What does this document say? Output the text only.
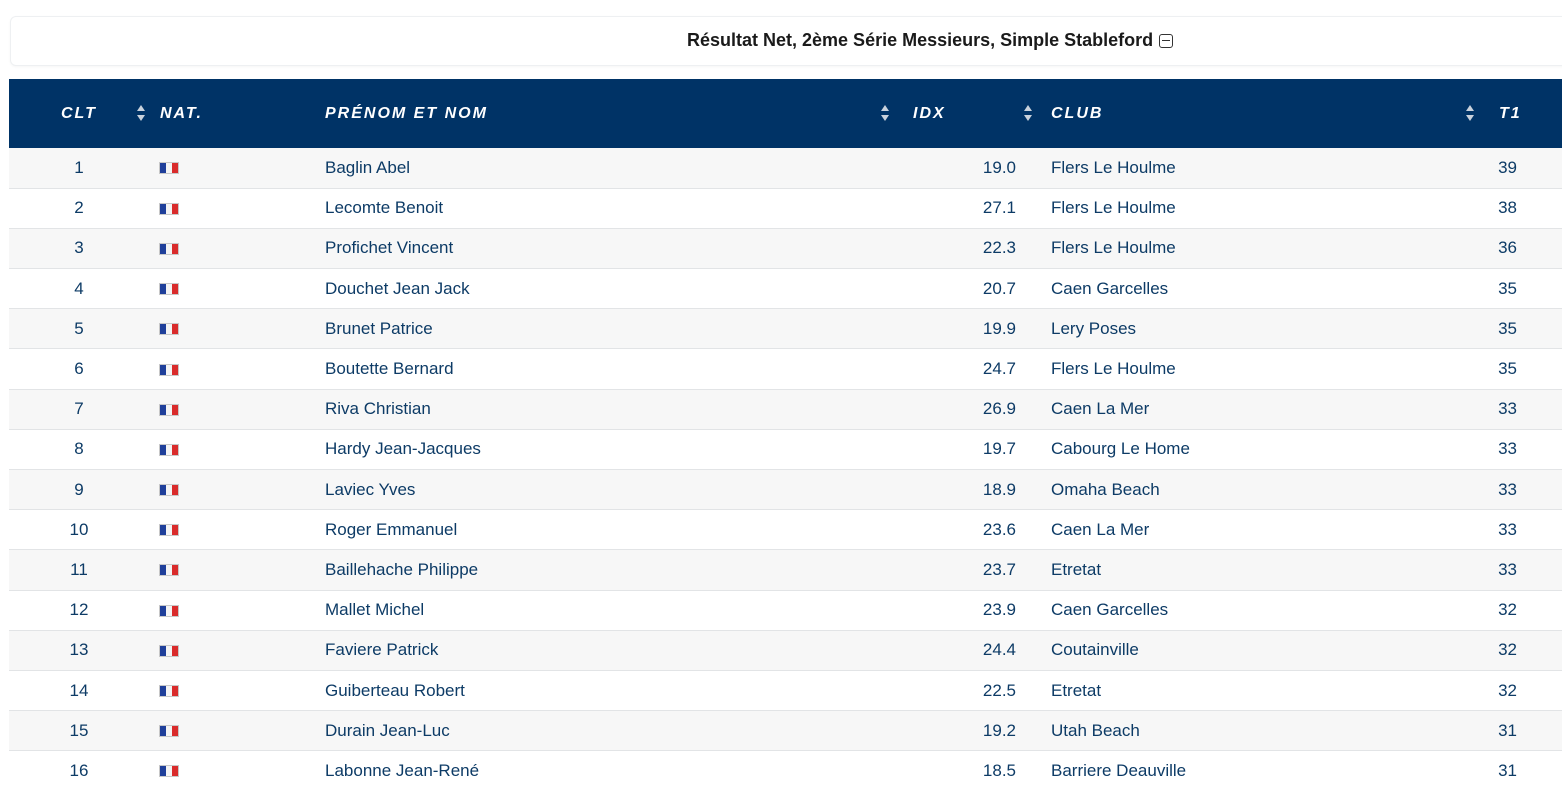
Résultat Net, 2ème Série Messieurs, Simple Stableford
CLT	NAT.	PRÉNOM ET NOM	IDX	CLUB	T1
1		Baglin Abel	19.0	Flers Le Houlme	39
2		Lecomte Benoit	27.1	Flers Le Houlme	38
3		Profichet Vincent	22.3	Flers Le Houlme	36
4		Douchet Jean Jack	20.7	Caen Garcelles	35
5		Brunet Patrice	19.9	Lery Poses	35
6		Boutette Bernard	24.7	Flers Le Houlme	35
7		Riva Christian	26.9	Caen La Mer	33
8		Hardy Jean-Jacques	19.7	Cabourg Le Home	33
9		Laviec Yves	18.9	Omaha Beach	33
10		Roger Emmanuel	23.6	Caen La Mer	33
11		Baillehache Philippe	23.7	Etretat	33
12		Mallet Michel	23.9	Caen Garcelles	32
13		Faviere Patrick	24.4	Coutainville	32
14		Guiberteau Robert	22.5	Etretat	32
15		Durain Jean-Luc	19.2	Utah Beach	31
16		Labonne Jean-René	18.5	Barriere Deauville	31
